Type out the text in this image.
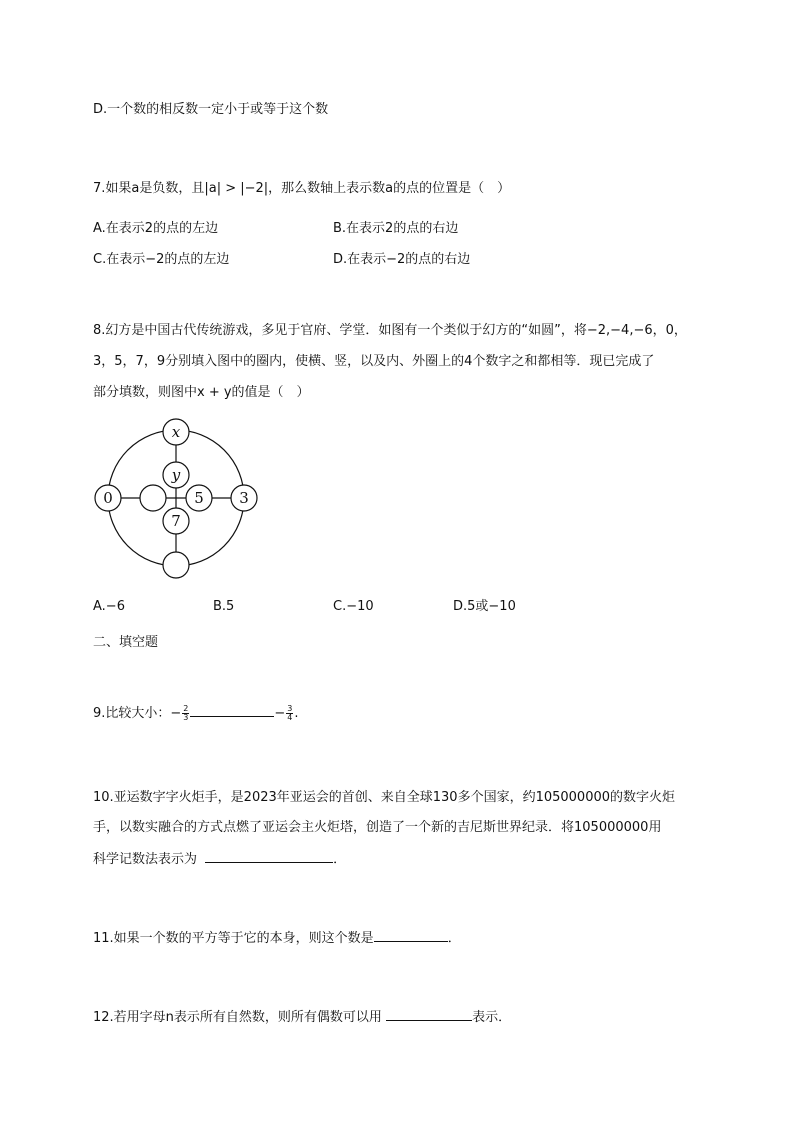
D.一个数的相反数一定小于或等于这个数
7.如果a是负数，且|a| > |−2|，那么数轴上表示数a的点的位置是（　）
A.在表示2的点的左边	B.在表示2的点的右边
C.在表示−2的点的左边	D.在表示−2的点的右边
8.幻方是中国古代传统游戏，多见于官府、学堂．如图有一个类似于幻方的“如圆”，将−2,−4,−6，0，
3，5，7，9分别填入图中的圈内，使横、竖，以及内、外圈上的4个数字之和都相等．现已完成了
部分填数，则图中x + y的值是（　）
x
y
0	5 3
7
A.−6	B.5	C.−10	D.5或−10
二、填空题
9.比较大小：− $\frac{2}{3}$	− $\frac{3}{4}$ .
10.亚运数字字火炬手，是2023年亚运会的首创、来自全球130多个国家，约105000000的数字火炬
手，以数实融合的方式点燃了亚运会主火炬塔，创造了一个新的吉尼斯世界纪录．将105000000用
科学记数法表示为	．
11.如果一个数的平方等于它的本身，则这个数是	．
12.若用字母n表示所有自然数，则所有偶数可以用	表示．
